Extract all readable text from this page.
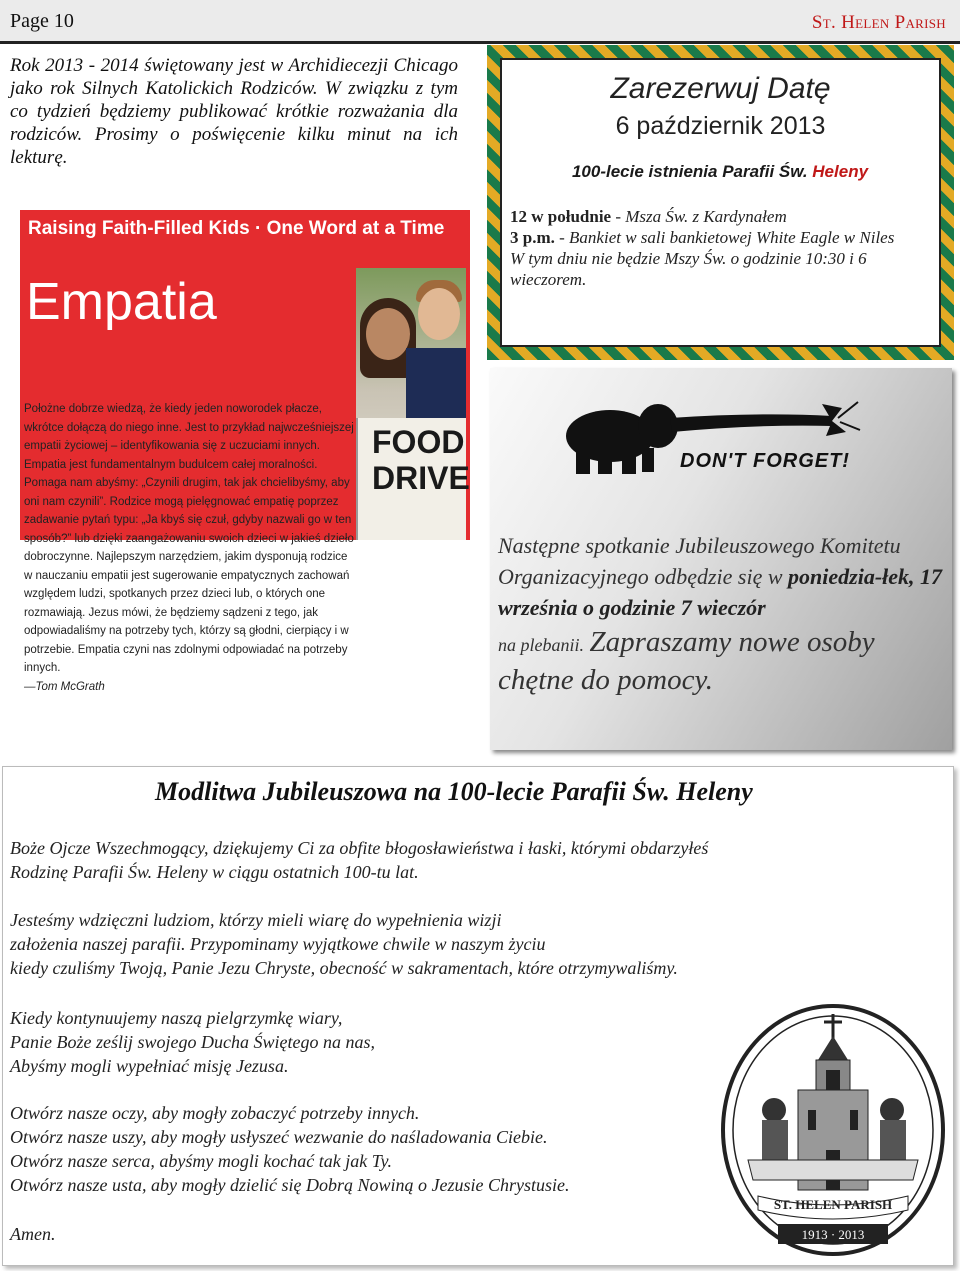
Page 10	St. Helen Parish
Rok 2013 - 2014 świętowany jest w Archidiecezji Chicago jako rok Silnych Katolickich Rodziców. W związku z tym co tydzień będziemy publikować krótkie rozważania dla rodziców. Prosimy o poświęcenie kilku minut na ich lekturę.
Raising Faith-Filled Kids · One Word at a Time
Empatia
Położne dobrze wiedzą, że kiedy jeden noworodek płacze, wkrótce dołączą do niego inne. Jest to przykład najwcześniejszej empatii życiowej – identyfikowania się z uczuciami innych. Empatia jest fundamentalnym budulcem całej moralności. Pomaga nam abyśmy: „Czynili drugim, tak jak chcielibyśmy, aby oni nam czynili”. Rodzice mogą pielęgnować empatię poprzez zadawanie pytań typu: „Ja kbyś się czuł, gdyby nazwali go w ten sposób?” lub dzięki zaangażowaniu swoich dzieci w jakieś dzieło dobroczynne. Najlepszym narzędziem, jakim dysponują rodzice w nauczaniu empatii jest sugerowanie empatycznych zachowań względem ludzi, spotkanych przez dzieci lub, o których one rozmawiają. Jezus mówi, że będziemy sądzeni z tego, jak odpowiadaliśmy na potrzeby tych, którzy są głodni, cierpiący i w potrzebie. Empatia czyni nas zdolnymi odpowiadać na potrzeby innych.
—Tom McGrath
FOOD
DRIVE
Zarezerwuj Datę
6 październik 2013
100-lecie istnienia Parafii Św. Heleny
12 w południe - Msza Św. z Kardynałem
3 p.m. - Bankiet w sali bankietowej White Eagle w Niles
W tym dniu nie będzie Mszy Św. o godzinie 10:30 i 6 wieczorem.
DON'T FORGET!
Następne spotkanie Jubileuszowego Komitetu Organizacyjnego odbędzie się w poniedzia-łek, 17 września o godzinie 7 wieczór
na plebanii. Zapraszamy nowe osoby chętne do pomocy.
Modlitwa Jubileuszowa na 100-lecie Parafii Św. Heleny
Boże Ojcze Wszechmogący, dziękujemy Ci za obfite błogosławieństwa i łaski, którymi obdarzyłeś Rodzinę Parafii Św. Heleny w ciągu ostatnich 100-tu lat.
Jesteśmy wdzięczni ludziom, którzy mieli wiarę do wypełnienia wizji
założenia naszej parafii. Przypominamy wyjątkowe chwile w naszym życiu
kiedy czuliśmy Twoją, Panie Jezu Chryste, obecność w sakramentach, które otrzymywaliśmy.
Kiedy kontynuujemy naszą pielgrzymkę wiary,
Panie Boże ześlij swojego Ducha Świętego na nas,
Abyśmy mogli wypełniać misję Jezusa.
Otwórz nasze oczy, aby mogły zobaczyć potrzeby innych.
Otwórz nasze uszy, aby mogły usłyszeć wezwanie do naśladowania Ciebie.
Otwórz nasze serca, abyśmy mogli kochać tak jak Ty.
Otwórz nasze usta, aby mogły dzielić się Dobrą Nowiną o Jezusie Chrystusie.
Amen.
ST. HELEN PARISH
1913 · 2013
